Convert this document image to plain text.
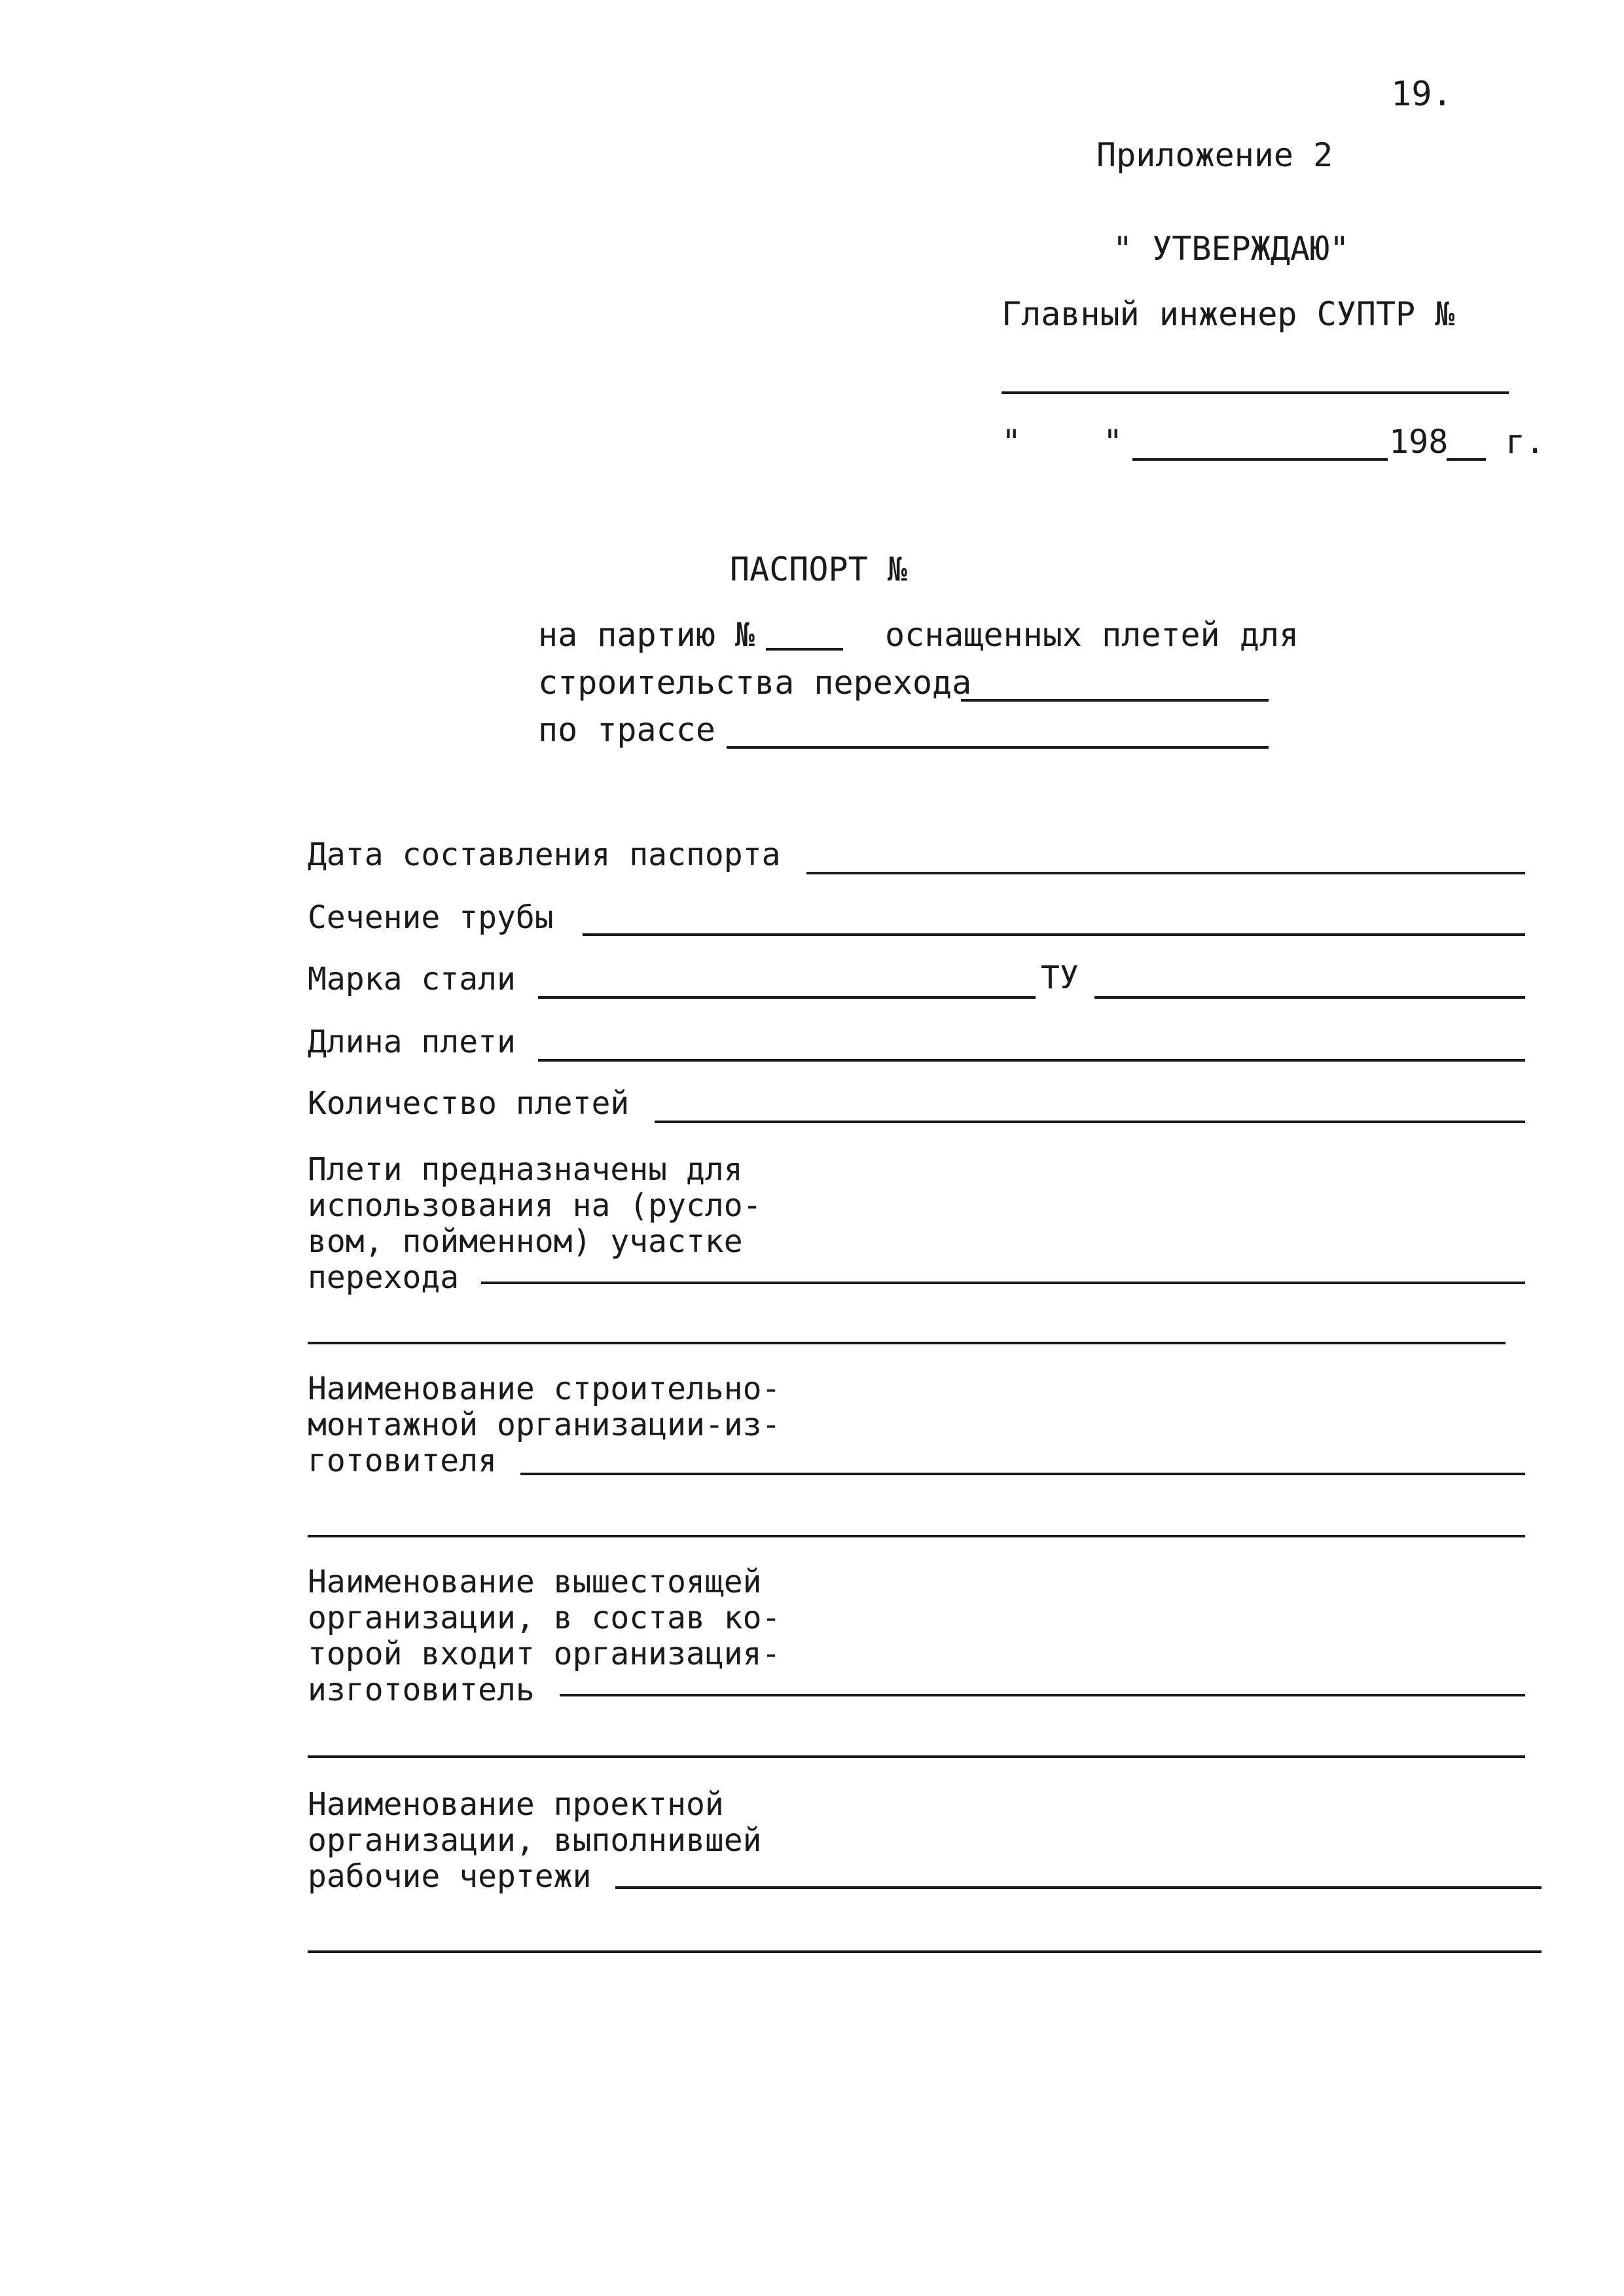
19.
Приложение 2
" УТВЕРЖДАЮ"
Главный инженер СУПТР №
" "	198 г.
ПАСПОРТ №
на партию №	оснащенных плетей для
строительства перехода
по трассе
Дата составления паспорта
Сечение трубы
Марка стали	ТУ
Длина плети
Количество плетей
Плети предназначены для
использования на (русло-
вом, пойменном) участке
перехода
Наименование строительно-
монтажной организации-из-
готовителя
Наименование вышестоящей
организации, в состав ко-
торой входит организация-
изготовитель
Наименование проектной
организации, выполнившей
рабочие чертежи
